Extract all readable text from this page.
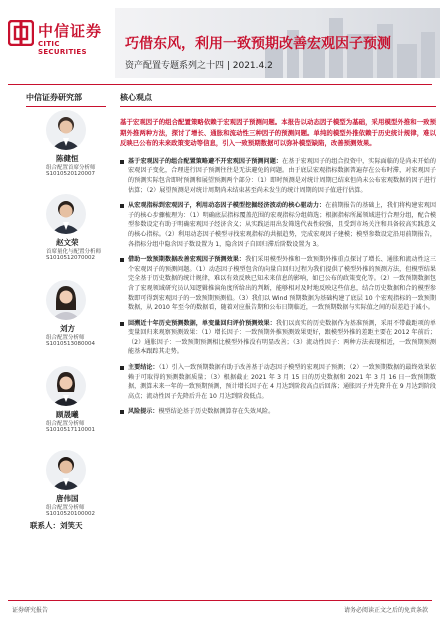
中信证券
CITIC SECURITIES	巧借东风，利用一致预期改善宏观因子预测
资产配置专题系列之十四 | 2021.4.2
中信证券研究部
陈健恒
组合配置首席分析师
S1010520120007
赵文荣
首席量化与配置分析师
S1010512070002
刘方
组合配置分析师
S1010513080004
顾晟曦
组合配置分析师
S1010517110001
唐伟国
组合配置分析师
S1010520100002
联系人：刘笑天
核心观点
基于宏观因子的组合配置策略依赖于宏观因子预测问题。本报告以动态因子模型为基础，采用模型外推和一致预期外推两种方法，探讨了增长、通胀和流动性三种因子的预测问题。单纯的模型外推依赖于历史统计规律，难以反映已公布的未来政策变动等信息，引入一致预期数据可以弥补模型缺陷，改善预测效果。
基于宏观因子的组合配置策略避不开宏观因子预测问题：在基于宏观因子的组合投资中，实际面临的是尚未开始的宏观因子变化，合理进行因子预测往往是无法避免的问题。由于底层宏观指标数据普遍存在公布时滞，对宏观因子的预测实际包含即时预测和展望预测两个部分：（1）即时预测是对统计周期已结束但尚未公布宏观数据的因子进行估算；（2）展望预测是对统计周期尚未结束甚至尚未发生的统计周期的因子值进行估算。
从宏观指标到宏观因子，利用动态因子模型挖掘经济波动的核心驱动力：在前期报告的基础上，我们将构建宏观因子的核心步骤梳理为：（1）明确底层指标覆盖范围的宏观指标分组筛选；根据指标所属领域进行合理分组，配合模型参数设定有助于明确宏观因子经济含义；从实践运用出发筛选代表性较强，且受到市场关注和具备较高实践意义的核心指标。（2）利用动态因子模型寻找宏观指标的共振趋势，完成宏观因子建模；模型参数设定沿用前期报告，各指标分组中隐含因子数设置为 1，隐含因子自回归滞后阶数设置为 3。
借助一致预期数据改善宏观因子预测效果：我们采用模型外推和一致预期外推重点探讨了增长、通胀和流动性这三个宏观因子的预测问题。（1）动态因子模型包含的向量自回归过程为我们提供了模型外推的预测方法，但模型结果完全基于历史数据的统计规律，难以有效反映已知未来信息的影响，如已公布的政策变化等。（2）一致预期数据包含了宏观领域研究员认知逻辑推演角度所给出的判断，能够相对及时地反映这些信息，结合历史数据和合的模型参数即可得到宏观因子的一致预期预测值。（3）我们以 Wind 预期数据为基础构建了底层 10 个宏观指标的一致预期数据，从 2010 年至今的数据看，随着对应报告期和公布日期临近，一致预期数据与实际值之间的误差趋于减小。
回溯近十年历史预测数据，单变量回归评价预测效果：我们以真实的历史数据作为基准预测，采用不带截距项的单变量回归来观察预测效果：（1）增长因子：一致预期外推预测效果更好，跟模型外推的差距主要在 2012 年前后；（2）通胀因子：一致预期预测相比模型外推没有明显改善；（3）流动性因子：两种方法表现相近，一致预期预测能基本跟踪其走势。
主要结论：（1）引入一致预期数据有助于改善基于动态因子模型的宏观因子预测；（2）一致预期数据的最终效果依赖于可取得的预测数据质量；（3）根据截止 2021 年 3 月 15 日的历史数据和 2021 年 3 月 16 日一致预期数据，测算未来一年的一致预期预测，预计增长因子在 4 月达到阶段高点后回落；通胀因子并先降升在 9 月达到阶段高点；流动性因子先降后升在 10 月达到阶段低点。
风险提示：模型结论基于历史数据测算存在失效风险。
证券研究报告	请务必阅读正文之后的免责条款
